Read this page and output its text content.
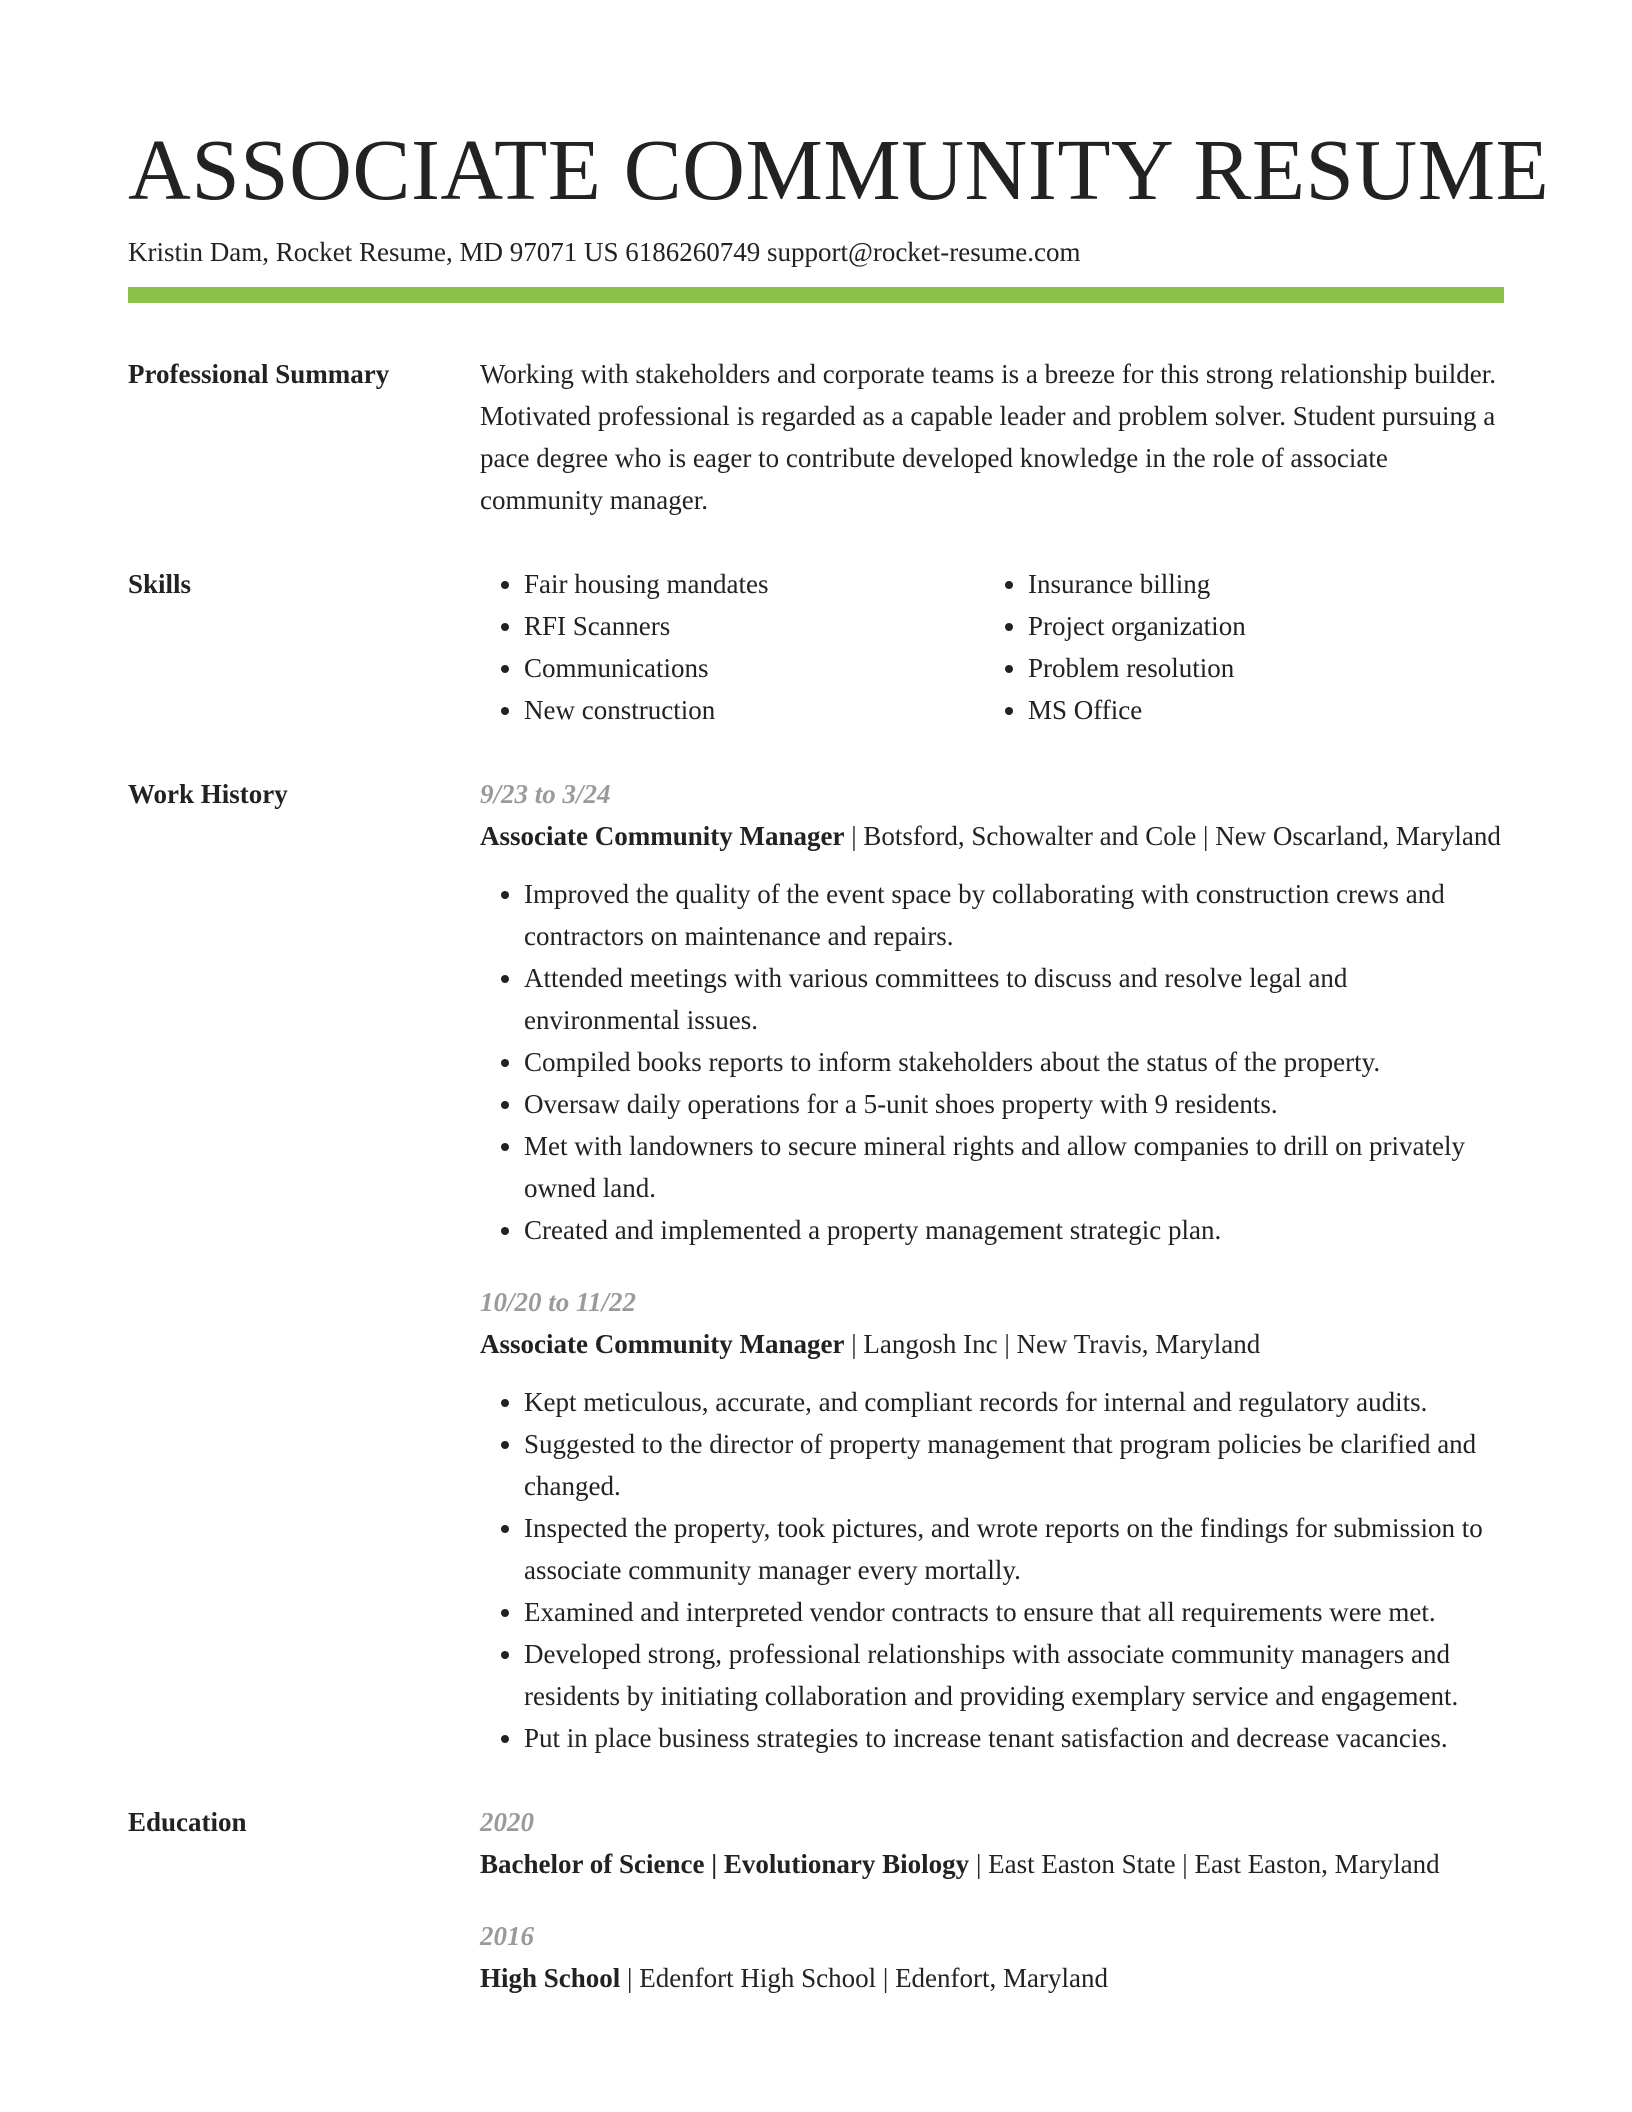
ASSOCIATE COMMUNITY RESUME
Kristin Dam, Rocket Resume, MD 97071 US 6186260749 support@rocket-resume.com
Professional Summary	Working with stakeholders and corporate teams is a breeze for this strong relationship builder. Motivated professional is regarded as a capable leader and problem solver. Student pursuing a pace degree who is eager to contribute developed knowledge in the role of associate community manager.

Skills
•	Fair housing mandates
• RFI Scanners
• Communications
• New construction
• Insurance billing
• Project organization
• Problem resolution
• MS Office
Work History	9/23 to 3/24
Associate Community Manager | Botsford, Schowalter and Cole | New Oscarland, Maryland
• Improved the quality of the event space by collaborating with construction crews and contractors on maintenance and repairs.
• Attended meetings with various committees to discuss and resolve legal and environmental issues.
• Compiled books reports to inform stakeholders about the status of the property.
• Oversaw daily operations for a 5-unit shoes property with 9 residents.
• Met with landowners to secure mineral rights and allow companies to drill on privately owned land.
• Created and implemented a property management strategic plan.
10/20 to 11/22
Associate Community Manager | Langosh Inc | New Travis, Maryland
• Kept meticulous, accurate, and compliant records for internal and regulatory audits.
• Suggested to the director of property management that program policies be clarified and changed.
• Inspected the property, took pictures, and wrote reports on the findings for submission to associate community manager every mortally.
• Examined and interpreted vendor contracts to ensure that all requirements were met.
• Developed strong, professional relationships with associate community managers and residents by initiating collaboration and providing exemplary service and engagement.
• Put in place business strategies to increase tenant satisfaction and decrease vacancies.
Education	2020
Bachelor of Science | Evolutionary Biology | East Easton State | East Easton, Maryland
2016
High School | Edenfort High School | Edenfort, Maryland
